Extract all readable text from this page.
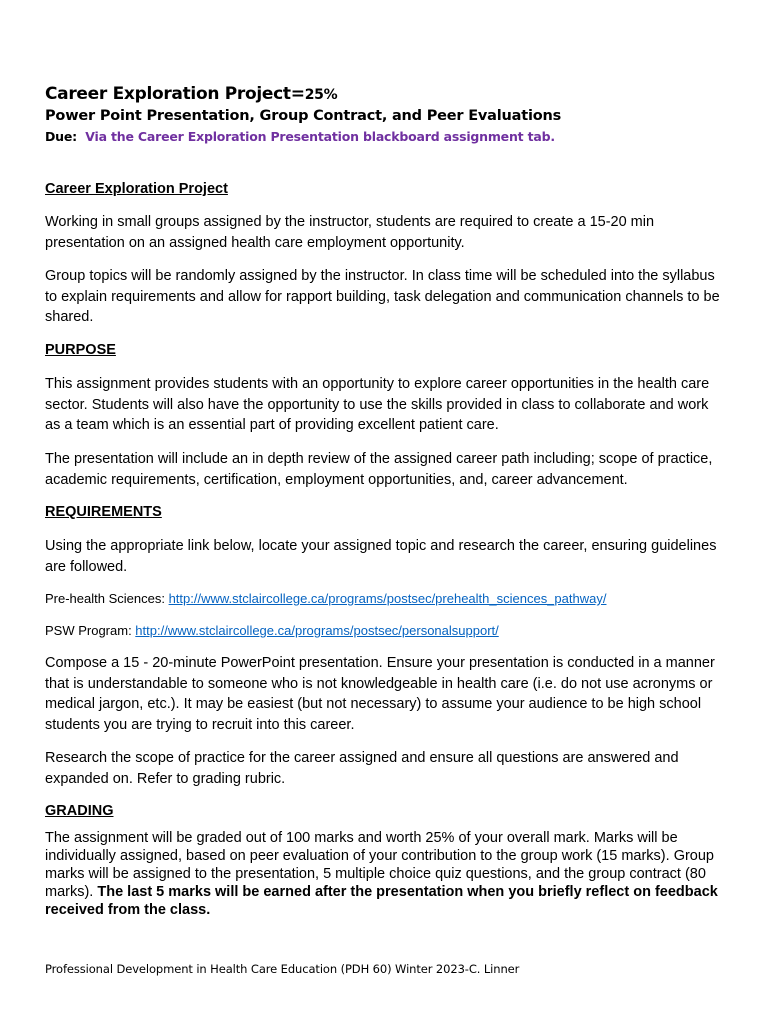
Career Exploration Project=25%
Power Point Presentation, Group Contract, and Peer Evaluations
Due: Via the Career Exploration Presentation blackboard assignment tab.
Career Exploration Project
Working in small groups assigned by the instructor, students are required to create a 15-20 min presentation on an assigned health care employment opportunity.
Group topics will be randomly assigned by the instructor. In class time will be scheduled into the syllabus to explain requirements and allow for rapport building, task delegation and communication channels to be shared.
PURPOSE
This assignment provides students with an opportunity to explore career opportunities in the health care sector. Students will also have the opportunity to use the skills provided in class to collaborate and work as a team which is an essential part of providing excellent patient care.
The presentation will include an in depth review of the assigned career path including; scope of practice, academic requirements, certification, employment opportunities, and, career advancement.
REQUIREMENTS
Using the appropriate link below, locate your assigned topic and research the career, ensuring guidelines are followed.
Pre-health Sciences: http://www.stclaircollege.ca/programs/postsec/prehealth_sciences_pathway/
PSW Program: http://www.stclaircollege.ca/programs/postsec/personalsupport/
Compose a 15 - 20-minute PowerPoint presentation. Ensure your presentation is conducted in a manner that is understandable to someone who is not knowledgeable in health care (i.e. do not use acronyms or medical jargon, etc.). It may be easiest (but not necessary) to assume your audience to be high school students you are trying to recruit into this career.
Research the scope of practice for the career assigned and ensure all questions are answered and expanded on. Refer to grading rubric.
GRADING
The assignment will be graded out of 100 marks and worth 25% of your overall mark. Marks will be individually assigned, based on peer evaluation of your contribution to the group work (15 marks). Group marks will be assigned to the presentation, 5 multiple choice quiz questions, and the group contract (80 marks). The last 5 marks will be earned after the presentation when you briefly reflect on feedback received from the class.
Professional Development in Health Care Education (PDH 60) Winter 2023-C. Linner
